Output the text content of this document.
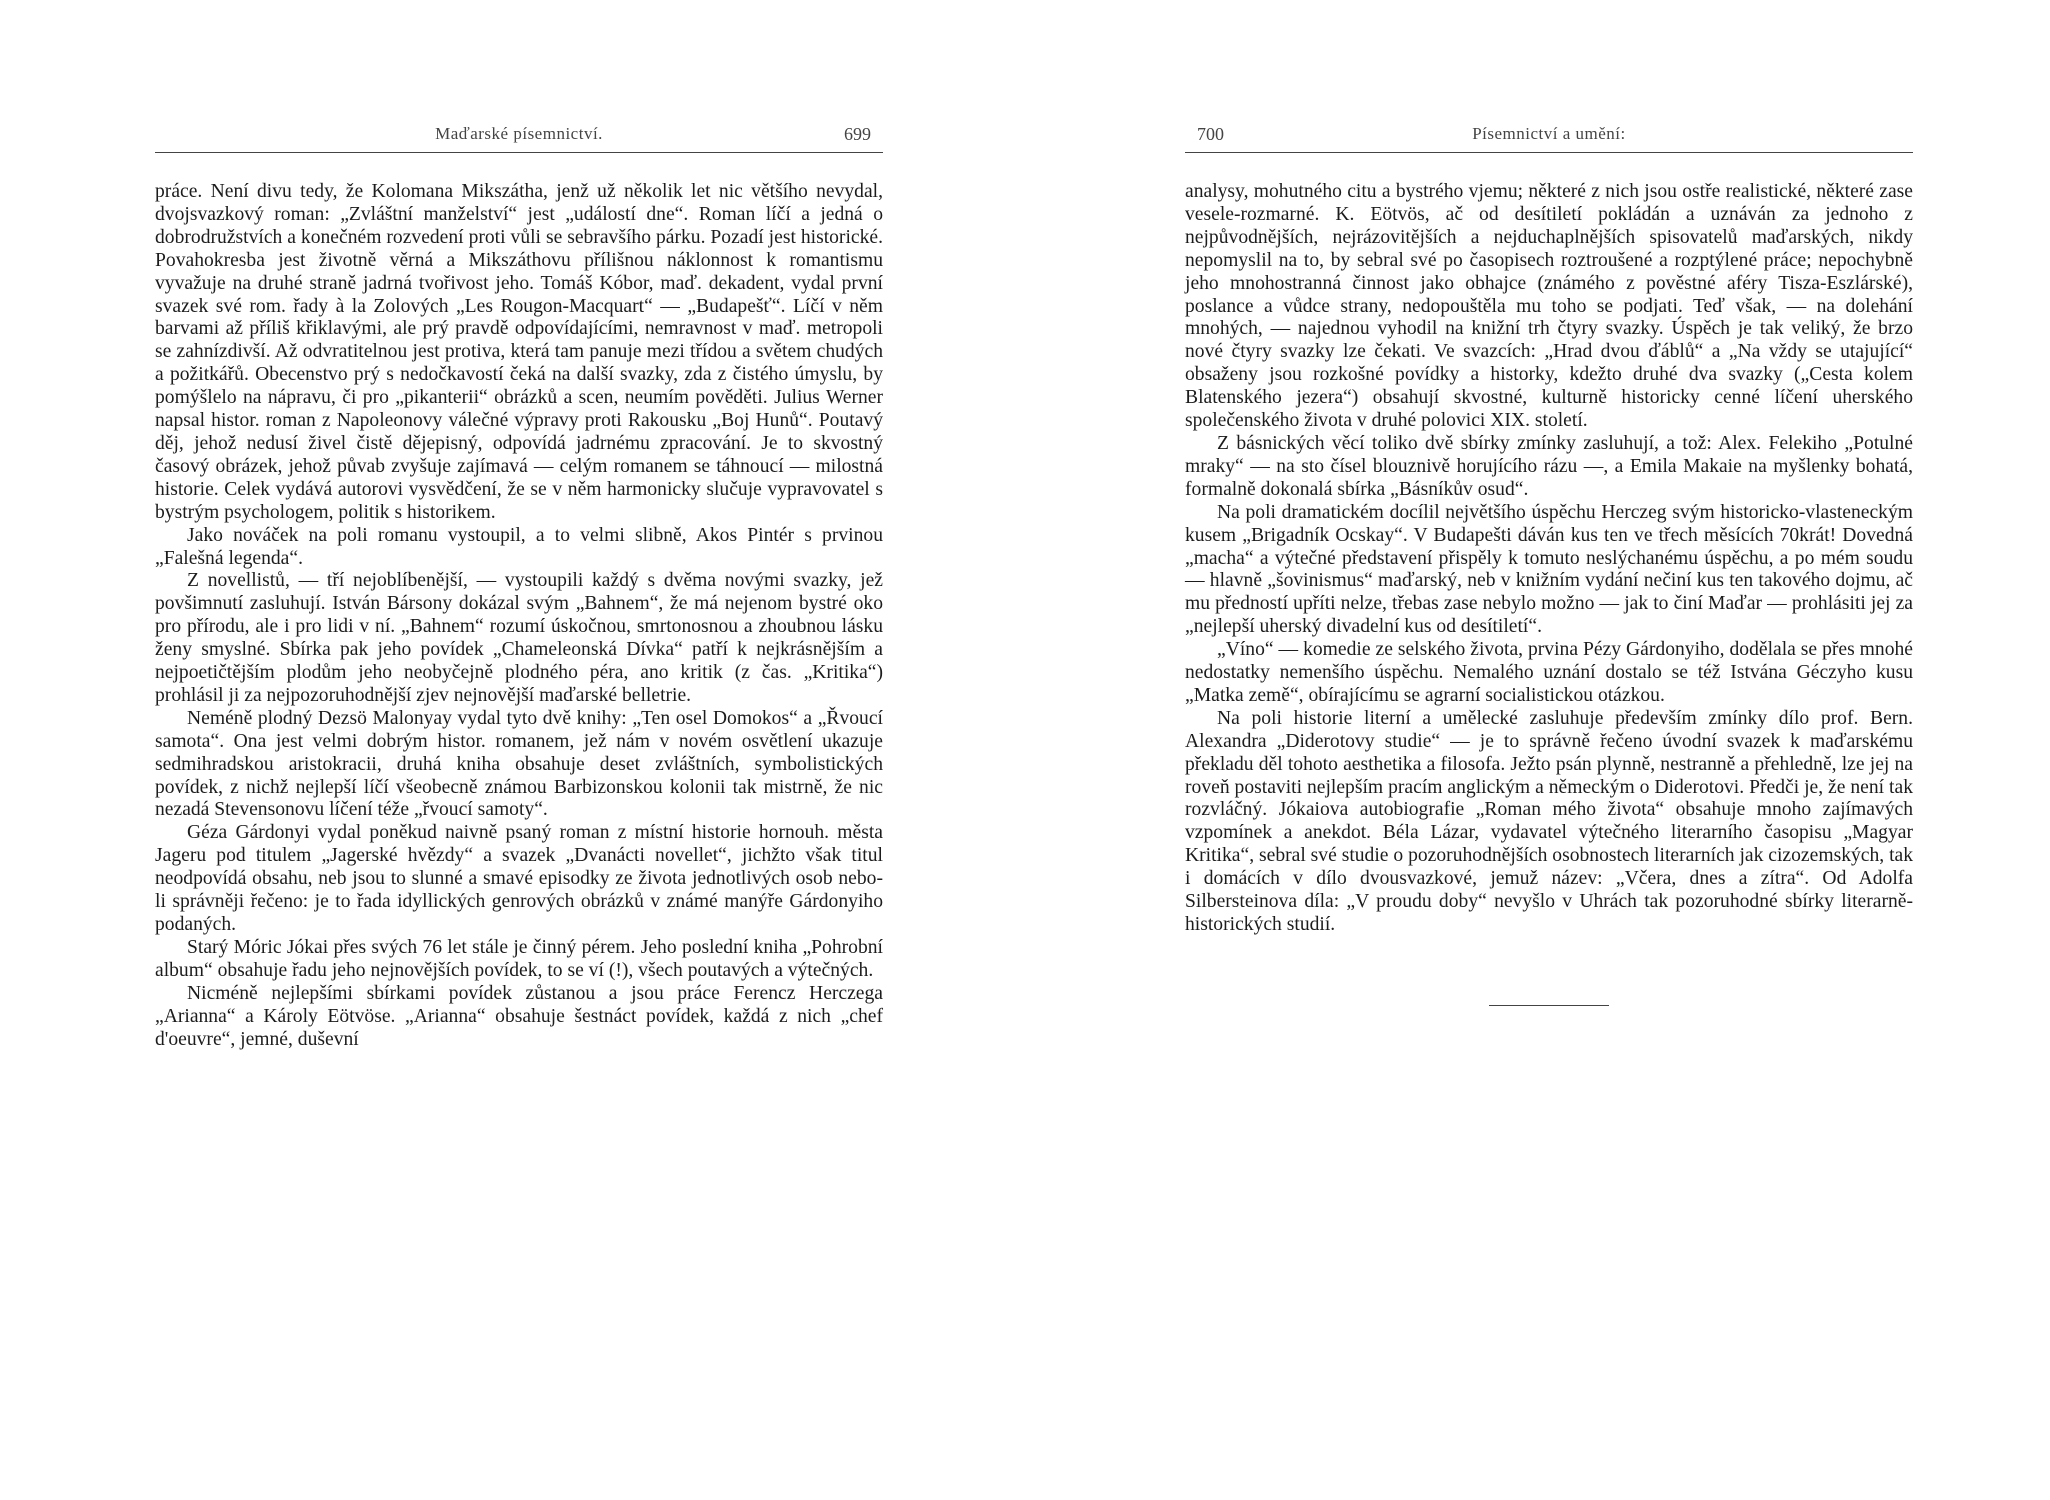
Maďarské písemnictví.	699

práce. Není divu tedy, že Kolomana Mikszátha, jenž už několik let nic většího nevydal, dvojsvazkový roman: „Zvláštní manželství“ jest „událostí dne“. Roman líčí a jedná o dobrodružstvích a konečném rozvedení proti vůli se sebravšího párku. Pozadí jest historické. Povahokresba jest životně věrná a Mikszáthovu přílišnou náklonnost k romantismu vyvažuje na druhé straně jadrná tvořivost jeho. Tomáš Kóbor, maď. dekadent, vydal první svazek své rom. řady à la Zolových „Les Rougon-Macquart“ — „Budapešť“. Líčí v něm barvami až příliš křiklavými, ale prý pravdě odpovídajícími, nemravnost v maď. metropoli se zahnízdivší. Až odvratitelnou jest protiva, která tam panuje mezi třídou a světem chudých a požitkářů. Obecenstvo prý s nedočkavostí čeká na další svazky, zda z čistého úmyslu, by pomýšlelo na nápravu, či pro „pikanterii“ obrázků a scen, neumím pověděti. Julius Werner napsal histor. roman z Napoleonovy válečné výpravy proti Rakousku „Boj Hunů“. Poutavý děj, jehož nedusí živel čistě dějepisný, odpovídá jadrnému zpracování. Je to skvostný časový obrázek, jehož půvab zvyšuje zajímavá — celým romanem se táhnoucí — milostná historie. Celek vydává autorovi vysvědčení, že se v něm harmonicky slučuje vypravovatel s bystrým psychologem, politik s historikem.

Jako nováček na poli romanu vystoupil, a to velmi slibně, Akos Pintér s prvinou „Falešná legenda“.

Z novellistů, — tří nejoblíbenější, — vystoupili každý s dvěma novými svazky, jež povšimnutí zasluhují. István Bársony dokázal svým „Bahnem“, že má nejenom bystré oko pro přírodu, ale i pro lidi v ní. „Bahnem“ rozumí úskočnou, smrtonosnou a zhoubnou lásku ženy smyslné. Sbírka pak jeho povídek „Chameleonská Dívka“ patří k nejkrásnějším a nejpoetičtějším plodům jeho neobyčejně plodného péra, ano kritik (z čas. „Kritika“) prohlásil ji za nejpozoruhodnější zjev nejnovější maďarské belletrie.

Neméně plodný Dezsö Malonyay vydal tyto dvě knihy: „Ten osel Domokos“ a „Řvoucí samota“. Ona jest velmi dobrým histor. romanem, jež nám v novém osvětlení ukazuje sedmihradskou aristokracii, druhá kniha obsahuje deset zvláštních, symbolistických povídek, z nichž nejlepší líčí všeobecně známou Barbizonskou kolonii tak mistrně, že nic nezadá Stevensonovu líčení téže „řvoucí samoty“.

Géza Gárdonyi vydal poněkud naivně psaný roman z místní historie hornouh. města Jageru pod titulem „Jagerské hvězdy“ a svazek „Dvanácti novellet“, jichžto však titul neodpovídá obsahu, neb jsou to slunné a smavé episodky ze života jednotlivých osob nebo-li správněji řečeno: je to řada idyllických genrových obrázků v známé manýře Gárdonyiho podaných.

Starý Móric Jókai přes svých 76 let stále je činný pérem. Jeho poslední kniha „Pohrobní album“ obsahuje řadu jeho nejnovějších povídek, to se ví (!), všech poutavých a výtečných.

Nicméně nejlepšími sbírkami povídek zůstanou a jsou práce Ferencz Herczega „Arianna“ a Károly Eötvöse. „Arianna“ obsahuje šestnáct povídek, každá z nich „chef d'oeuvre“, jemné, duševní

700	Písemnictví a umění:

analysy, mohutného citu a bystrého vjemu; některé z nich jsou ostře realistické, některé zase vesele-rozmarné. K. Eötvös, ač od desítiletí pokládán a uznáván za jednoho z nejpůvodnějších, nejrázovitějších a nejduchaplnějších spisovatelů maďarských, nikdy nepomyslil na to, by sebral své po časopisech roztroušené a rozptýlené práce; nepochybně jeho mnohostranná činnost jako obhajce (známého z pověstné aféry Tisza-Eszlárské), poslance a vůdce strany, nedopouštěla mu toho se podjati. Teď však, — na dolehání mnohých, — najednou vyhodil na knižní trh čtyry svazky. Úspěch je tak veliký, že brzo nové čtyry svazky lze čekati. Ve svazcích: „Hrad dvou ďáblů“ a „Na vždy se utajující“ obsaženy jsou rozkošné povídky a historky, kdežto druhé dva svazky („Cesta kolem Blatenského jezera“) obsahují skvostné, kulturně historicky cenné líčení uherského společenského života v druhé polovici XIX. století.

Z básnických věcí toliko dvě sbírky zmínky zasluhují, a tož: Alex. Felekiho „Potulné mraky“ — na sto čísel blouznivě horujícího rázu —, a Emila Makaie na myšlenky bohatá, formalně dokonalá sbírka „Básníkův osud“.

Na poli dramatickém docílil největšího úspěchu Herczeg svým historicko-vlasteneckým kusem „Brigadník Ocskay“. V Budapešti dáván kus ten ve třech měsících 70krát! Dovedná „macha“ a výtečné představení přispěly k tomuto neslýchanému úspěchu, a po mém soudu — hlavně „šovinismus“ maďarský, neb v knižním vydání nečiní kus ten takového dojmu, ač mu předností upříti nelze, třebas zase nebylo možno — jak to činí Maďar — prohlásiti jej za „nejlepší uherský divadelní kus od desítiletí“.

„Víno“ — komedie ze selského života, prvina Pézy Gárdonyiho, dodělala se přes mnohé nedostatky nemenšího úspěchu. Nemalého uznání dostalo se též Istvána Géczyho kusu „Matka země“, obírajícímu se agrarní socialistickou otázkou.

Na poli historie literní a umělecké zasluhuje především zmínky dílo prof. Bern. Alexandra „Diderotovy studie“ — je to správně řečeno úvodní svazek k maďarskému překladu děl tohoto aesthetika a filosofa. Ježto psán plynně, nestranně a přehledně, lze jej na roveň postaviti nejlepším pracím anglickým a německým o Diderotovi. Předči je, že není tak rozvláčný. Jókaiova autobiografie „Roman mého života“ obsahuje mnoho zajímavých vzpomínek a anekdot. Béla Lázar, vydavatel výtečného literarního časopisu „Magyar Kritika“, sebral své studie o pozoruhodnějších osobnostech literarních jak cizozemských, tak i domácích v dílo dvousvazkové, jemuž název: „Včera, dnes a zítra“. Od Adolfa Silbersteinova díla: „V proudu doby“ nevyšlo v Uhrách tak pozoruhodné sbírky literarně-historických studií.
